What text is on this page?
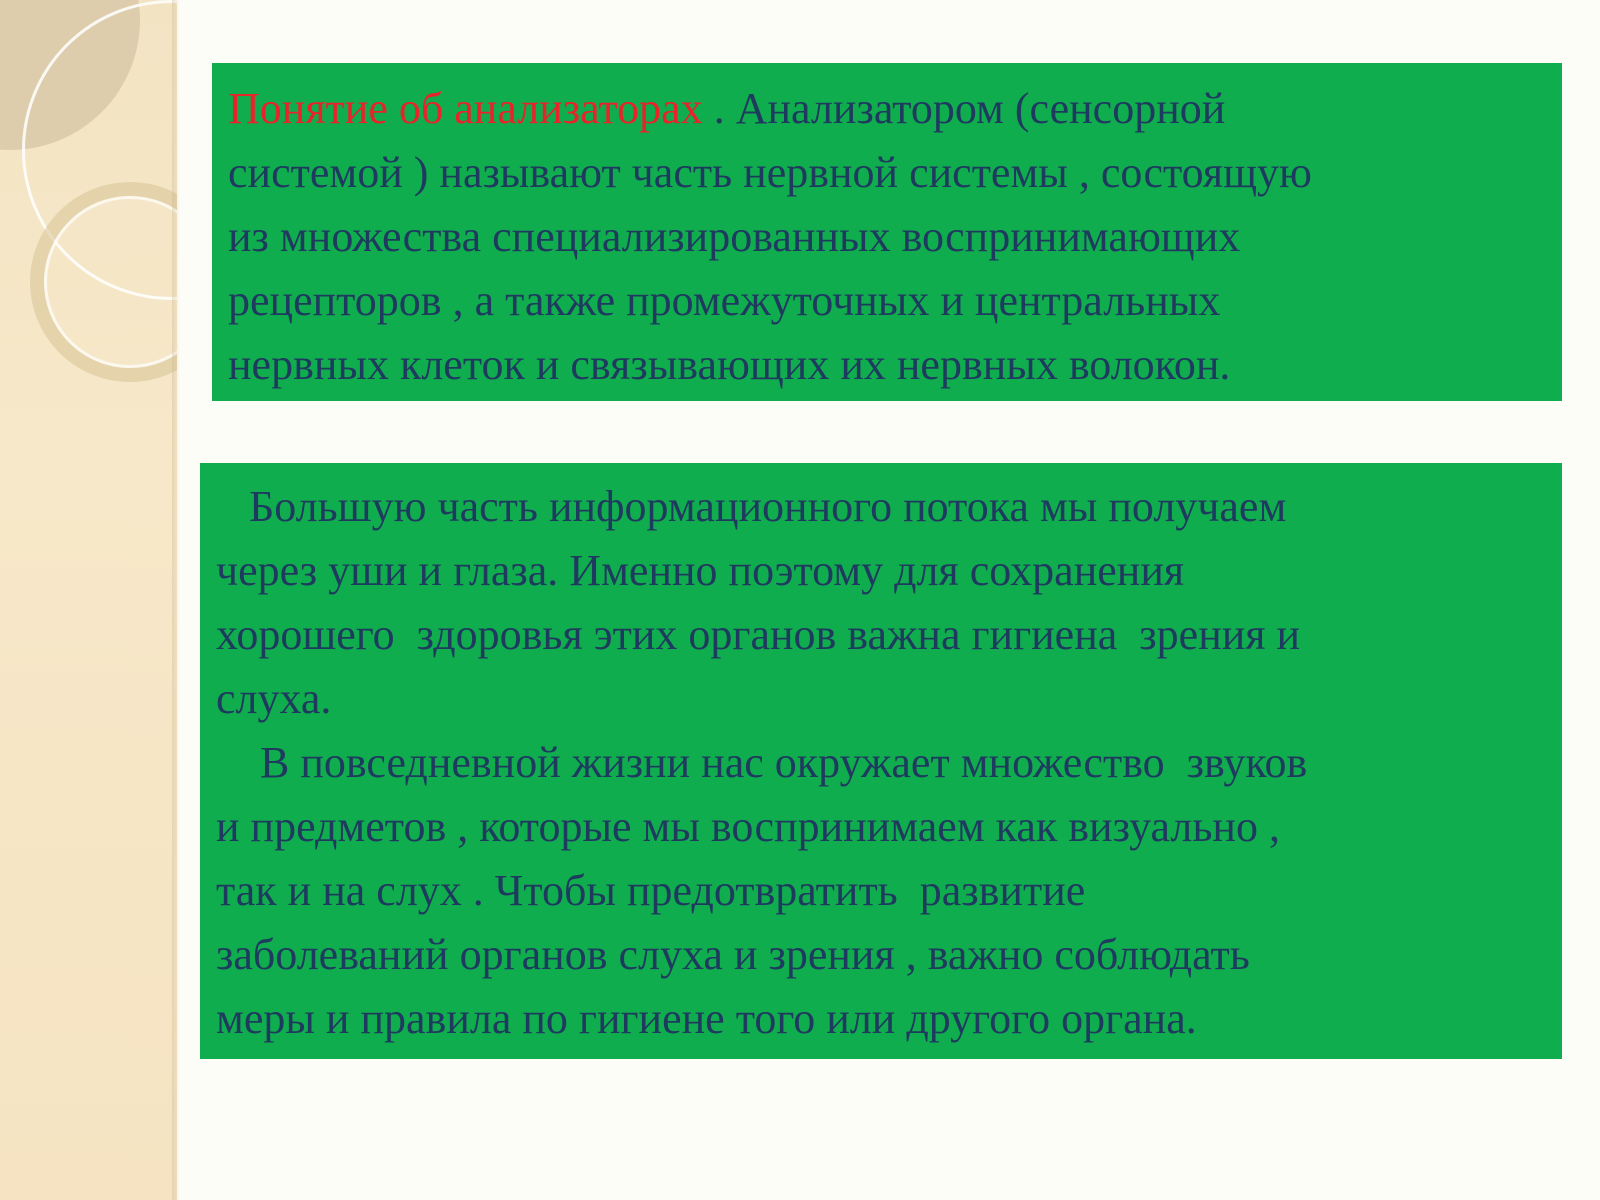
Понятие об анализаторах . Анализатором (сенсорной
системой ) называют часть нервной системы , состоящую
из множества специализированных воспринимающих
рецепторов , а также промежуточных и центральных
нервных клеток и связывающих их нервных волокон.
Большую часть информационного потока мы получаем
через уши и глаза. Именно поэтому для сохранения
хорошего  здоровья этих органов важна гигиена  зрения и
слуха.
В повседневной жизни нас окружает множество  звуков
и предметов , которые мы воспринимаем как визуально ,
так и на слух . Чтобы предотвратить  развитие
заболеваний органов слуха и зрения , важно соблюдать
меры и правила по гигиене того или другого органа.
